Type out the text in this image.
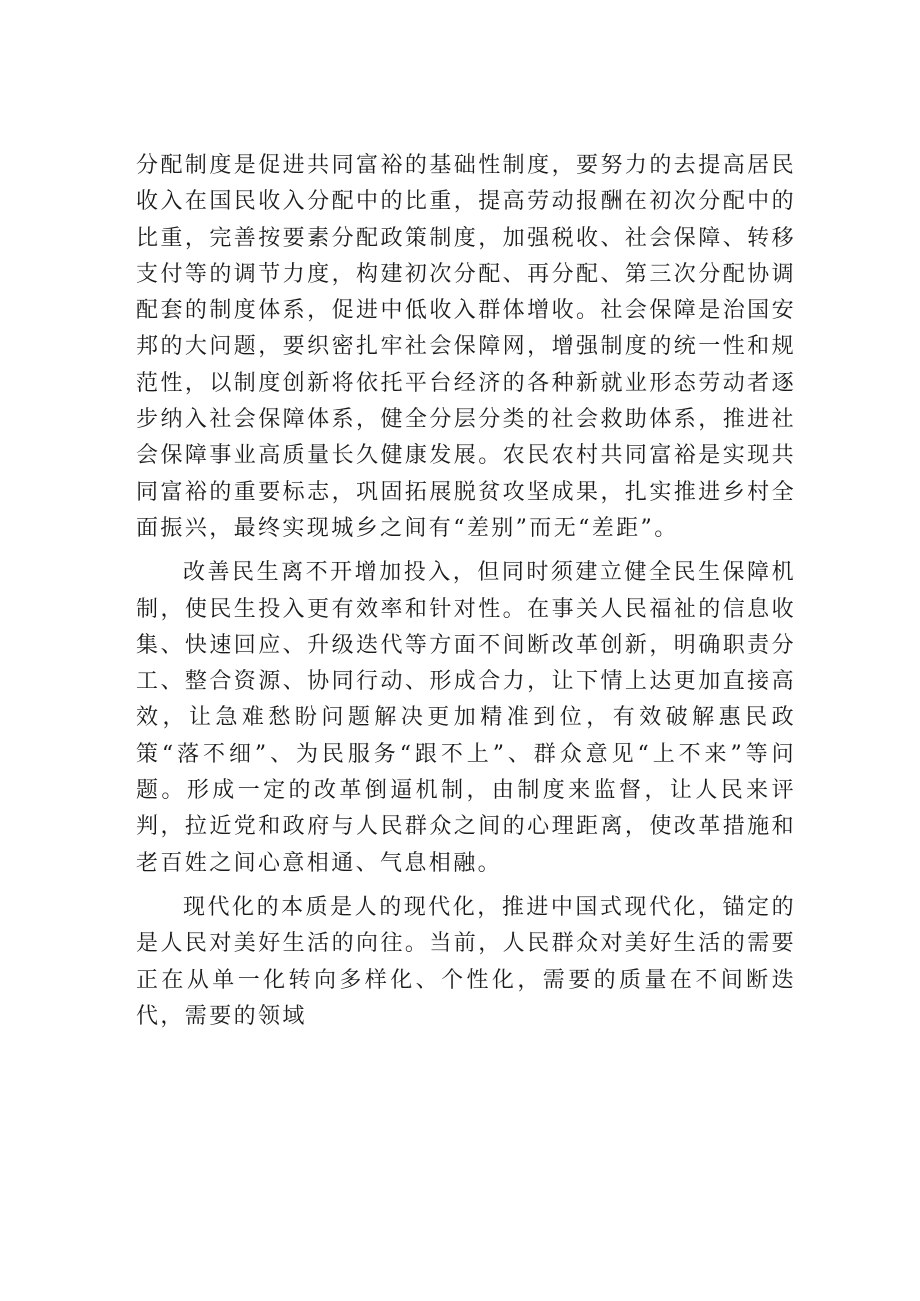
分配制度是促进共同富裕的基础性制度，要努力的去提高居民收入在国民收入分配中的比重，提高劳动报酬在初次分配中的比重，完善按要素分配政策制度，加强税收、社会保障、转移支付等的调节力度，构建初次分配、再分配、第三次分配协调配套的制度体系，促进中低收入群体增收。社会保障是治国安邦的大问题，要织密扎牢社会保障网，增强制度的统一性和规范性，以制度创新将依托平台经济的各种新就业形态劳动者逐步纳入社会保障体系，健全分层分类的社会救助体系，推进社会保障事业高质量长久健康发展。农民农村共同富裕是实现共同富裕的重要标志，巩固拓展脱贫攻坚成果，扎实推进乡村全面振兴，最终实现城乡之间有“差别”而无“差距”。

改善民生离不开增加投入，但同时须建立健全民生保障机制，使民生投入更有效率和针对性。在事关人民福祉的信息收集、快速回应、升级迭代等方面不间断改革创新，明确职责分工、整合资源、协同行动、形成合力，让下情上达更加直接高效，让急难愁盼问题解决更加精准到位，有效破解惠民政策“落不细”、为民服务“跟不上”、群众意见“上不来”等问题。形成一定的改革倒逼机制，由制度来监督，让人民来评判，拉近党和政府与人民群众之间的心理距离，使改革措施和老百姓之间心意相通、气息相融。

现代化的本质是人的现代化，推进中国式现代化，锚定的是人民对美好生活的向往。当前，人民群众对美好生活的需要正在从单一化转向多样化、个性化，需要的质量在不间断迭代，需要的领域
